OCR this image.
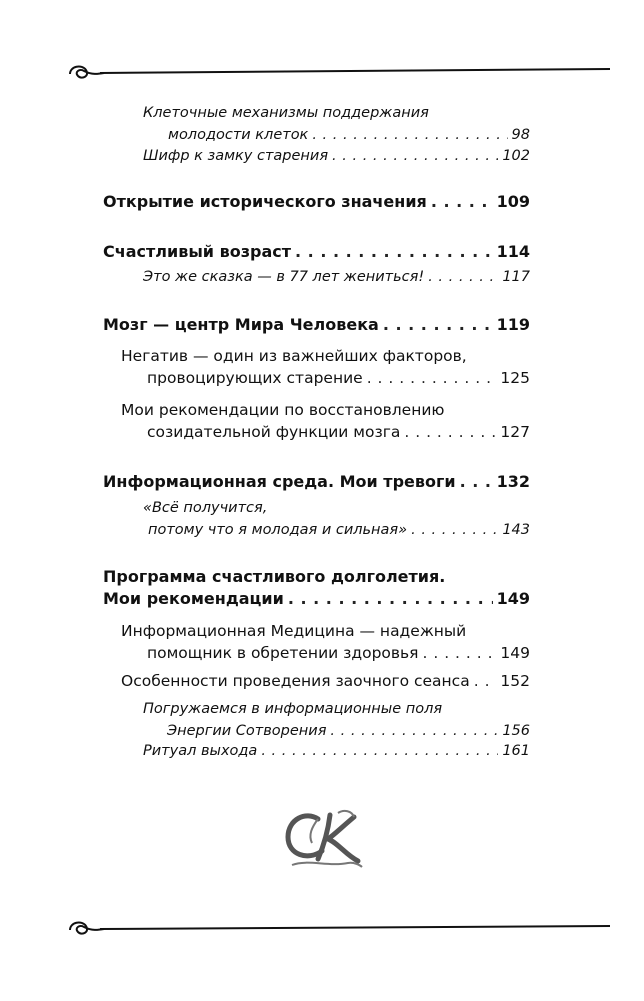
Клеточные механизмы поддержания
молодости клеток . . .	98
Шифр к замку старения . . .	102
Открытие исторического значения . . .	109
Счастливый возраст . . .	114
Это же сказка — в 77 лет жениться! . . .	117
Мозг — центр Мира Человека . . .	119
Негатив — один из важнейших факторов,
провоцирующих старение . . .	125
Мои рекомендации по восстановлению
созидательной функции мозга . . .	127
Информационная среда. Мои тревоги . . .	132
«Всё получится,
потому что я молодая и сильная» . . .	143
Программа счастливого долголетия.
Мои рекомендации . . .	149
Информационная Медицина — надежный
помощник в обретении здоровья . . .	149
Особенности проведения заочного сеанса . . . 152
Погружаемся в информационные поля
Энергии Сотворения . . .	156
Ритуал выхода . . .	161
